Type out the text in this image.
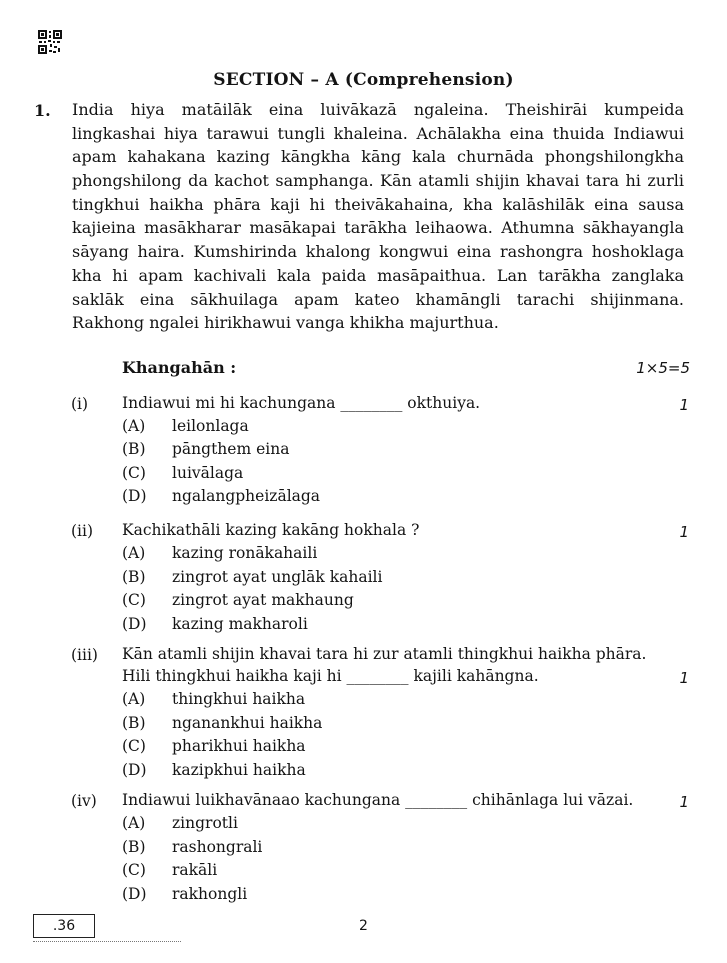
SECTION – A (Comprehension)
1. India hiya matāilāk eina luivākazā ngaleina. Theishirāi kumpeida
lingkashai hiya tarawui tungli khaleina. Achālakha eina thuida Indiawui
apam kahakana kazing kāngkha kāng kala churnāda phongshilongkha
phongshilong da kachot samphanga. Kān atamli shijin khavai tara hi zurli
tingkhui haikha phāra kaji hi theivākahaina, kha kalāshilāk eina sausa
kajieina masākharar masākapai tarākha leihaowa. Athumna sākhayangla
sāyang haira. Kumshirinda khalong kongwui eina rashongra hoshoklaga
kha hi apam kachivali kala paida masāpaithua. Lan tarākha zanglaka
saklāk eina sākhuilaga apam kateo khamāngli tarachi shijinmana.
Rakhong ngalei hirikhawui vanga khikha majurthua.
Khangahān :	1×5=5
(i) Indiawui mi hi kachungana ________ okthuiya.	1
(A) leilonlaga
(B) pāngthem eina
(C) luivālaga
(D) ngalangpheizālaga
(ii) Kachikathāli kazing kakāng hokhala ?	1
(A) kazing ronākahaili
(B) zingrot ayat unglāk kahaili
(C) zingrot ayat makhaung
(D) kazing makharoli
(iii) Kān atamli shijin khavai tara hi zur atamli thingkhui haikha phāra.
Hili thingkhui haikha kaji hi ________ kajili kahāngna.	1
(A) thingkhui haikha
(B) nganankhui haikha
(C) pharikhui haikha
(D) kazipkhui haikha
(iv) Indiawui luikhavānaao kachungana ________ chihānlaga lui vāzai.	1
(A) zingrotli
(B) rashongrali
(C) rakāli
(D) rakhongli
.36	2
